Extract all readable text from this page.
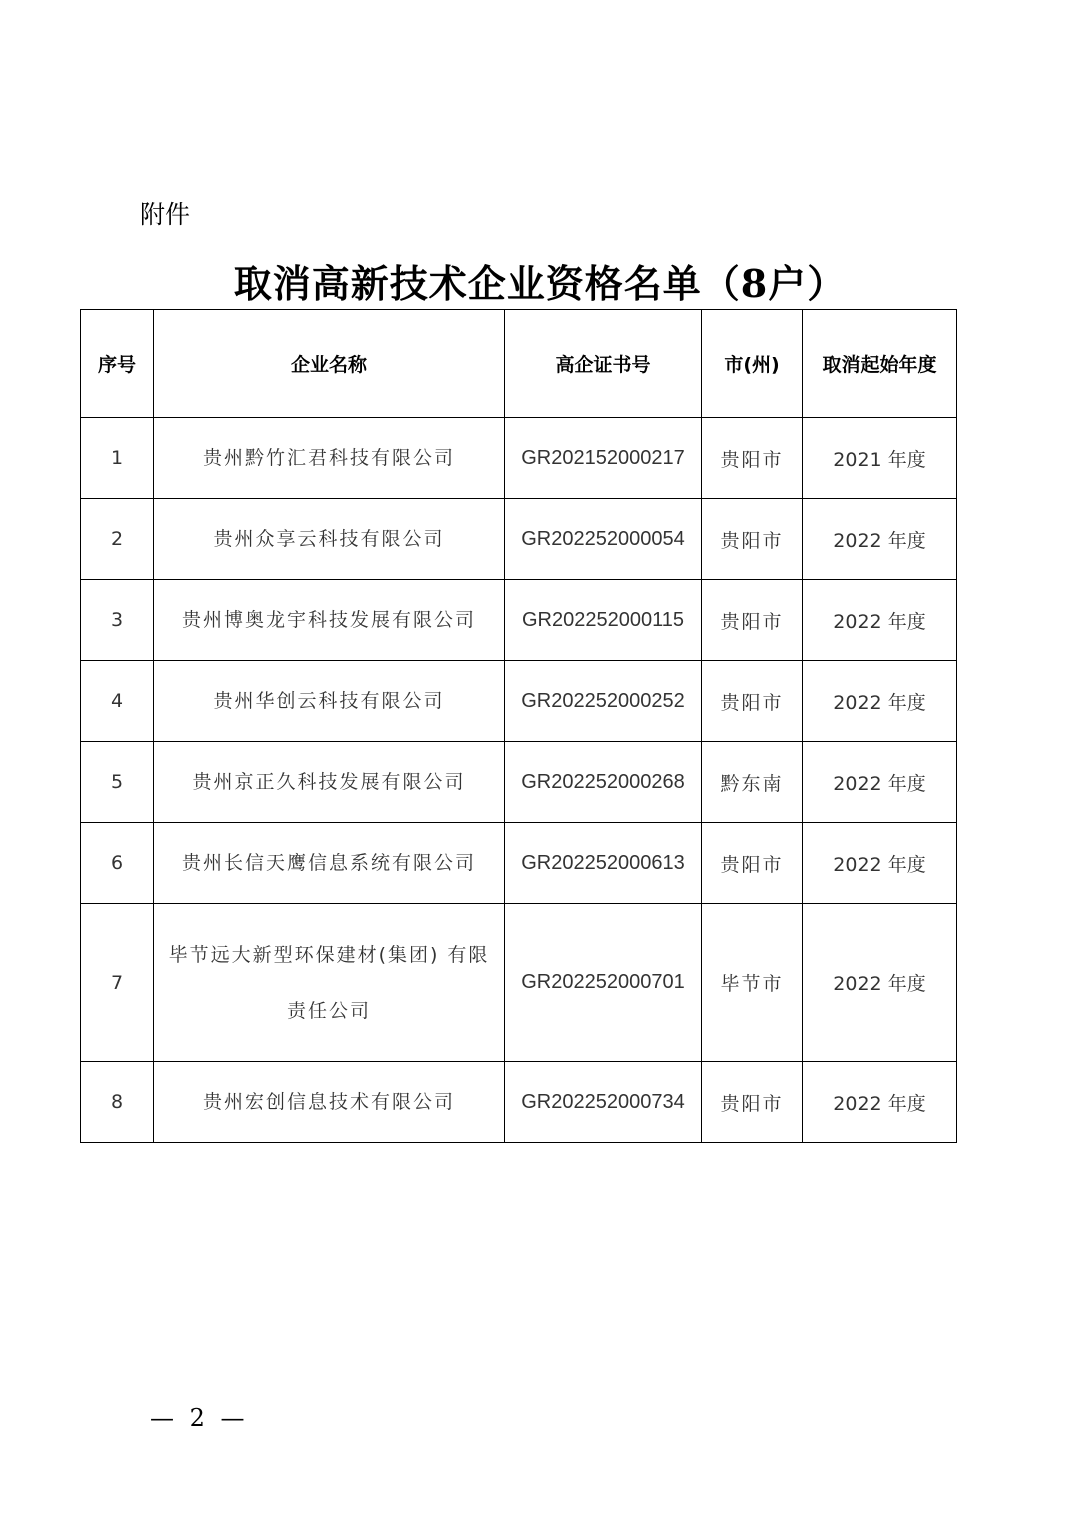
附件
取消高新技术企业资格名单（8户）
序号	企业名称	高企证书号	市(州)	取消起始年度
1	贵州黔竹汇君科技有限公司	GR202152000217	贵阳市	2021 年度
2	贵州众享云科技有限公司	GR202252000054	贵阳市	2022 年度
3	贵州博奥龙宇科技发展有限公司	GR202252000115	贵阳市	2022 年度
4	贵州华创云科技有限公司	GR202252000252	贵阳市	2022 年度
5	贵州京正久科技发展有限公司	GR202252000268	黔东南	2022 年度
6	贵州长信天鹰信息系统有限公司	GR202252000613	贵阳市	2022 年度
7	毕节远大新型环保建材(集团) 有限责任公司	GR202252000701	毕节市	2022 年度
8	贵州宏创信息技术有限公司	GR202252000734	贵阳市	2022 年度
— 2 —
